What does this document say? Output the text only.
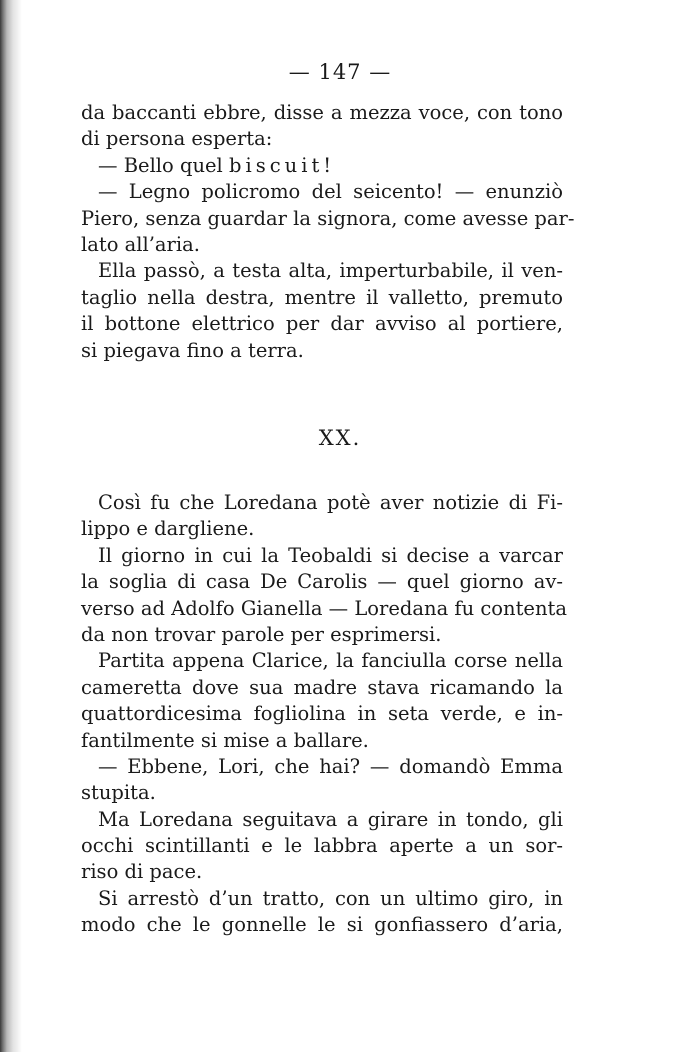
— 147 —
da baccanti ebbre, disse a mezza voce, con tono
di persona esperta:
— Bello quel biscuit!
— Legno policromo del seicento! — enunziò
Piero, senza guardar la signora, come avesse par-
lato all’aria.
Ella passò, a testa alta, imperturbabile, il ven-
taglio nella destra, mentre il valletto, premuto
il bottone elettrico per dar avviso al portiere,
si piegava fino a terra.
XX.
Così fu che Loredana potè aver notizie di Fi-
lippo e dargliene.
Il giorno in cui la Teobaldi si decise a varcar
la soglia di casa De Carolis — quel giorno av-
verso ad Adolfo Gianella — Loredana fu contenta
da non trovar parole per esprimersi.
Partita appena Clarice, la fanciulla corse nella
cameretta dove sua madre stava ricamando la
quattordicesima fogliolina in seta verde, e in-
fantilmente si mise a ballare.
— Ebbene, Lori, che hai? — domandò Emma
stupita.
Ma Loredana seguitava a girare in tondo, gli
occhi scintillanti e le labbra aperte a un sor-
riso di pace.
Si arrestò d’un tratto, con un ultimo giro, in
modo che le gonnelle le si gonfiassero d’aria,
